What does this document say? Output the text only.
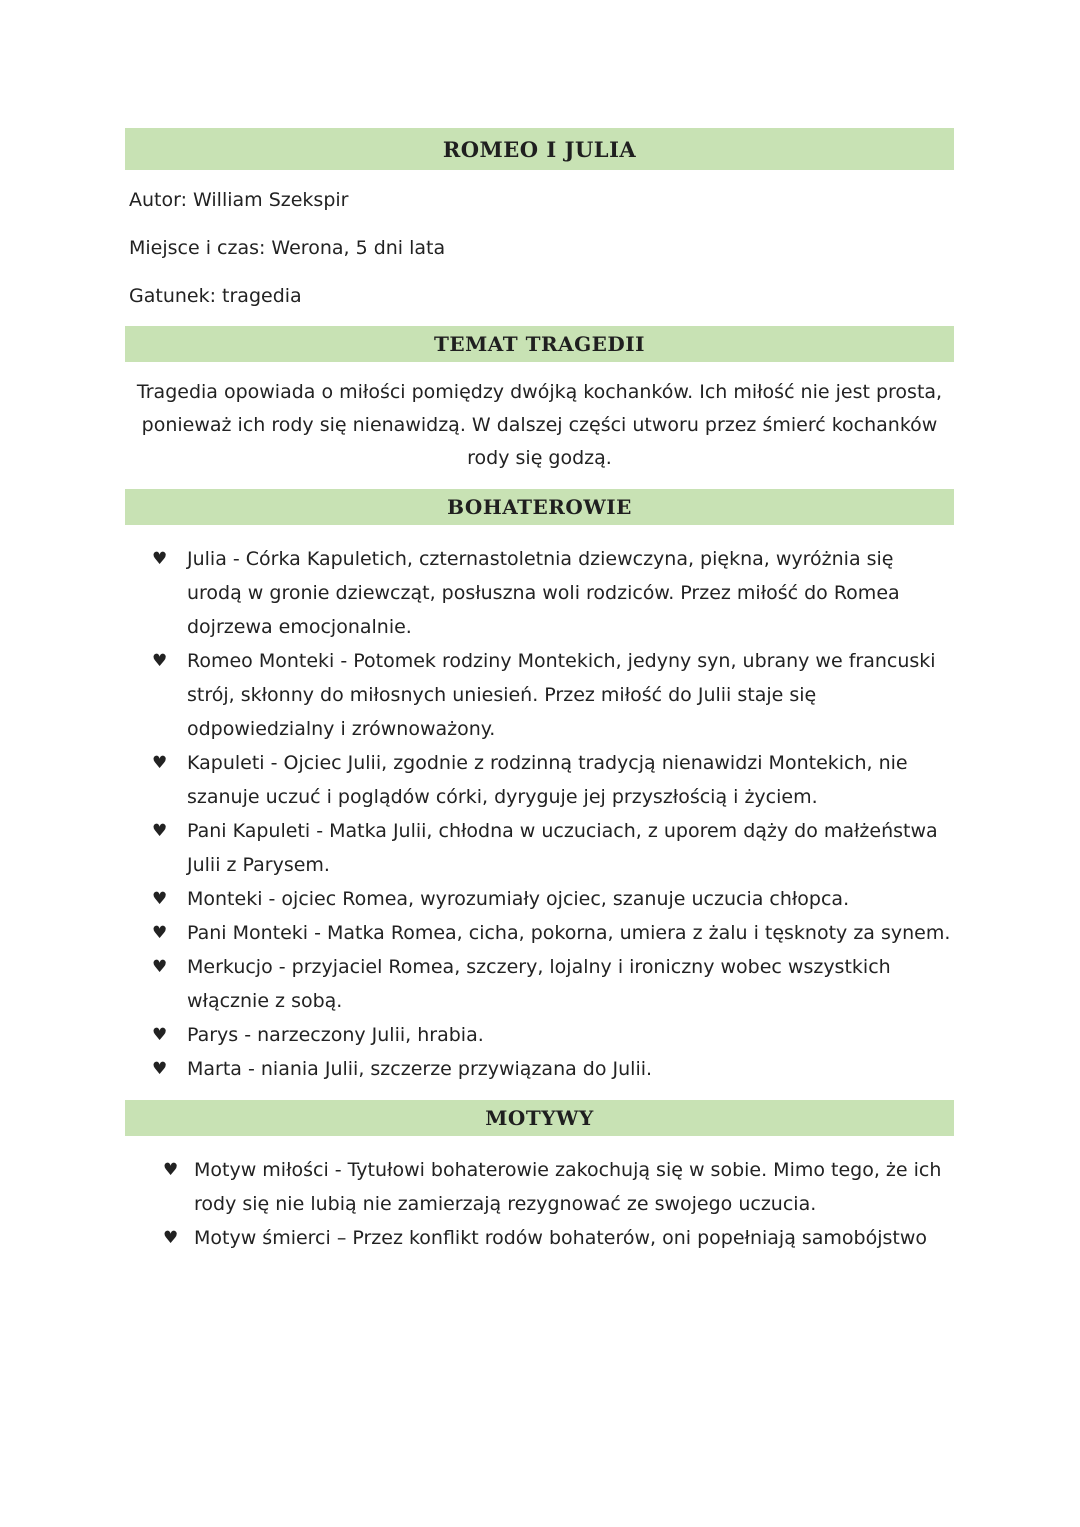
ROMEO I JULIA

Autor: William Szekspir

Miejsce i czas: Werona, 5 dni lata

Gatunek: tragedia

TEMAT TRAGEDII
Tragedia opowiada o miłości pomiędzy dwójką kochanków. Ich miłość nie jest prosta, ponieważ ich rody się nienawidzą. W dalszej części utworu przez śmierć kochanków rody się godzą.
BOHATEROWIE
♥ Julia - Córka Kapuletich, czternastoletnia dziewczyna, piękna, wyróżnia się urodą w gronie dziewcząt, posłuszna woli rodziców. Przez miłość do Romea dojrzewa emocjonalnie.
♥ Romeo Monteki - Potomek rodziny Montekich, jedyny syn, ubrany we francuski strój, skłonny do miłosnych uniesień. Przez miłość do Julii staje się odpowiedzialny i zrównoważony.
♥ Kapuleti - Ojciec Julii, zgodnie z rodzinną tradycją nienawidzi Montekich, nie szanuje uczuć i poglądów córki, dyryguje jej przyszłością i życiem.
♥ Pani Kapuleti - Matka Julii, chłodna w uczuciach, z uporem dąży do małżeństwa Julii z Parysem.
♥ Monteki - ojciec Romea, wyrozumiały ojciec, szanuje uczucia chłopca.
♥ Pani Monteki - Matka Romea, cicha, pokorna, umiera z żalu i tęsknoty za synem.
♥ Merkucjo - przyjaciel Romea, szczery, lojalny i ironiczny wobec wszystkich włącznie z sobą.
♥ Parys - narzeczony Julii, hrabia.
♥ Marta - niania Julii, szczerze przywiązana do Julii.
MOTYWY
♥ Motyw miłości - Tytułowi bohaterowie zakochują się w sobie. Mimo tego, że ich rody się nie lubią nie zamierzają rezygnować ze swojego uczucia.
♥ Motyw śmierci – Przez konflikt rodów bohaterów, oni popełniają samobójstwo
